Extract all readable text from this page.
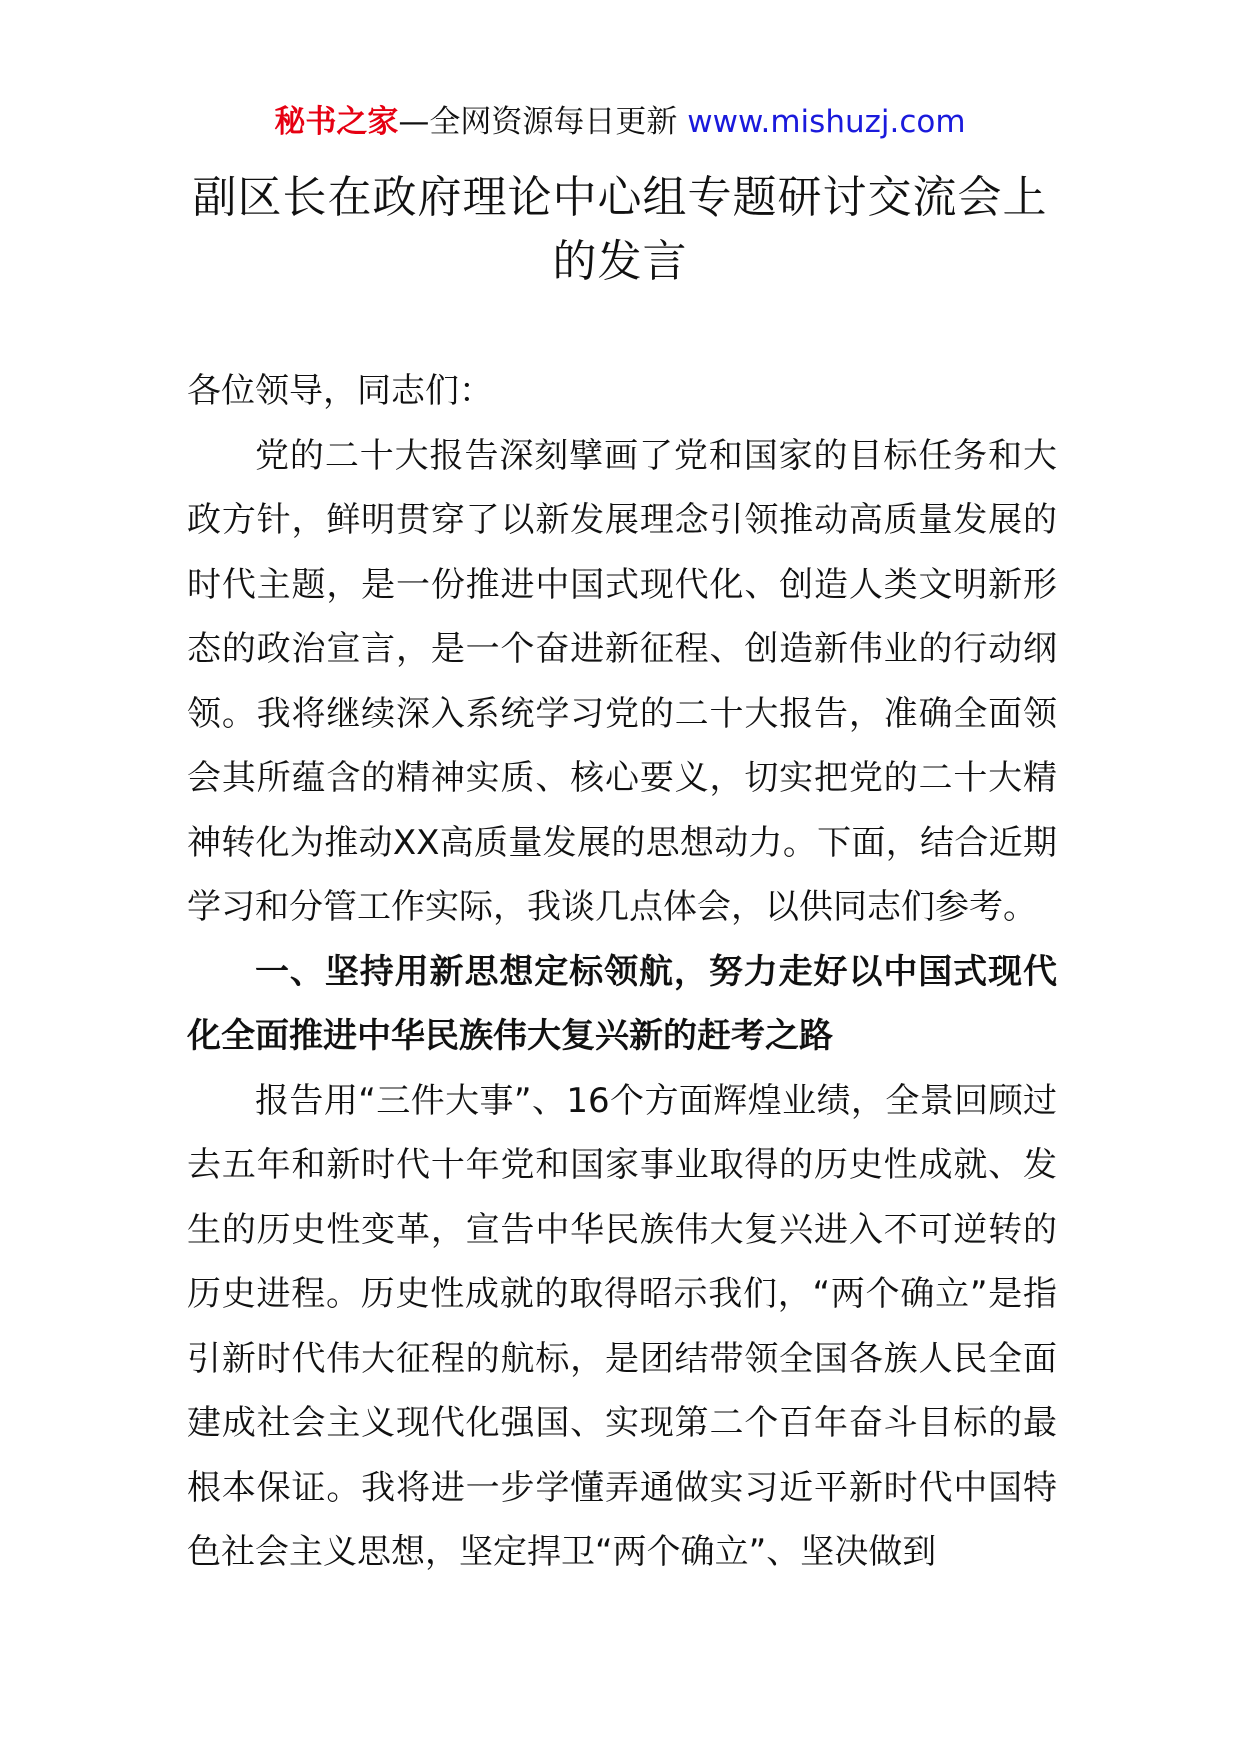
秘书之家—全网资源每日更新 www.mishuzj.com
副区长在政府理论中心组专题研讨交流会上的发言

各位领导，同志们：

党的二十大报告深刻擘画了党和国家的目标任务和大政方针，鲜明贯穿了以新发展理念引领推动高质量发展的时代主题，是一份推进中国式现代化、创造人类文明新形态的政治宣言，是一个奋进新征程、创造新伟业的行动纲领。我将继续深入系统学习党的二十大报告，准确全面领会其所蕴含的精神实质、核心要义，切实把党的二十大精神转化为推动XX高质量发展的思想动力。下面，结合近期学习和分管工作实际，我谈几点体会，以供同志们参考。

一、坚持用新思想定标领航，努力走好以中国式现代化全面推进中华民族伟大复兴新的赶考之路

报告用“三件大事”、16个方面辉煌业绩，全景回顾过去五年和新时代十年党和国家事业取得的历史性成就、发生的历史性变革，宣告中华民族伟大复兴进入不可逆转的历史进程。历史性成就的取得昭示我们，“两个确立”是指引新时代伟大征程的航标，是团结带领全国各族人民全面建成社会主义现代化强国、实现第二个百年奋斗目标的最根本保证。我将进一步学懂弄通做实习近平新时代中国特色社会主义思想，坚定捍卫“两个确立”、坚决做到
